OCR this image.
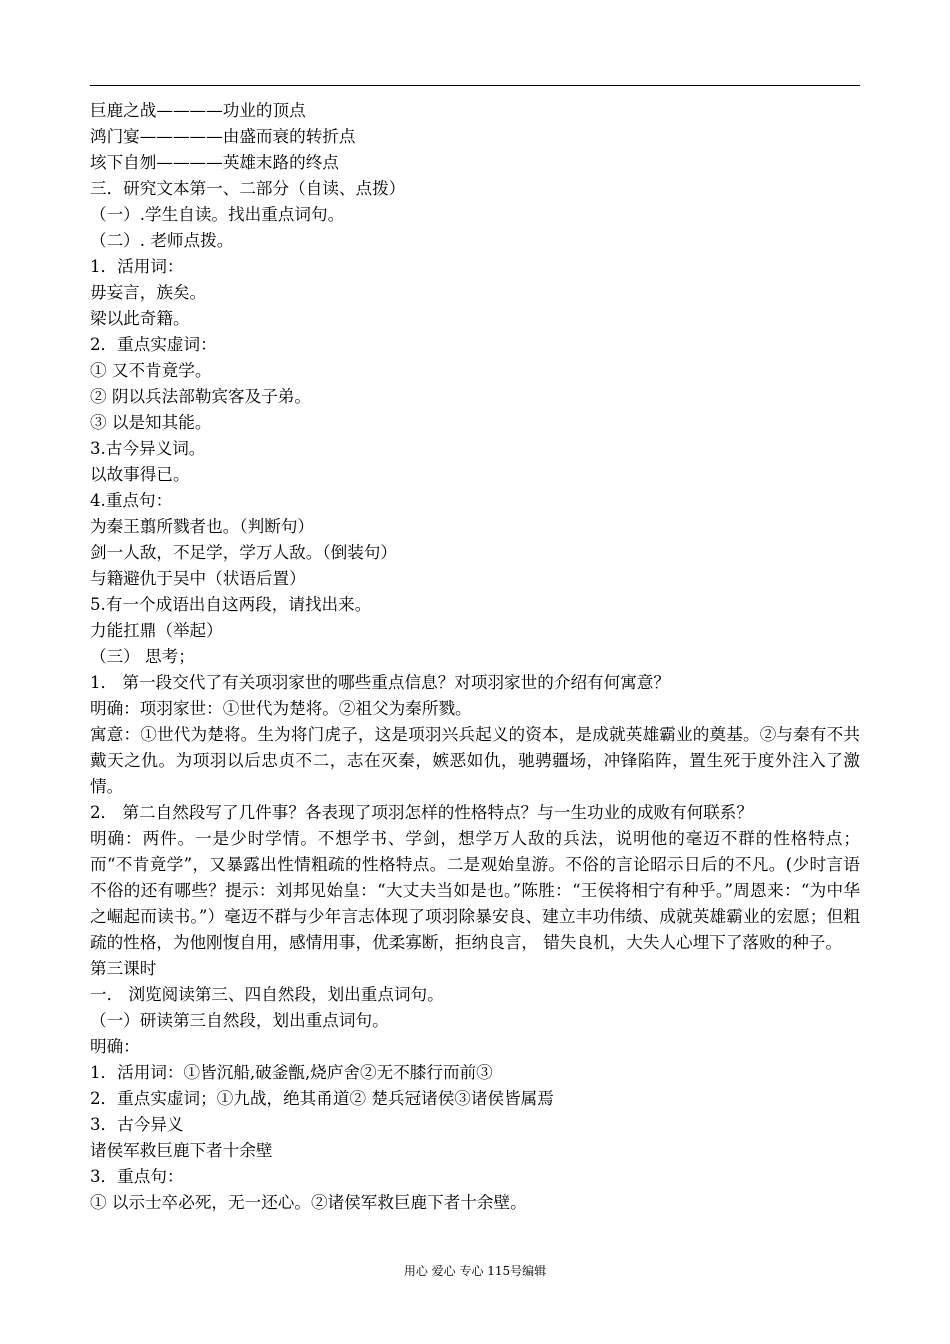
巨鹿之战————功业的顶点
鸿门宴—————由盛而衰的转折点
垓下自刎————英雄末路的终点
三．研究文本第一、二部分（自读、点拨）
（一）.学生自读。找出重点词句。
（二）. 老师点拨。
1．活用词：
毋妄言，族矣。
梁以此奇籍。
2．重点实虚词：
① 又不肯竟学。
② 阴以兵法部勒宾客及子弟。
③ 以是知其能。
3.古今异义词。
以故事得已。
4.重点句：
为秦王翦所戮者也。（判断句）
剑一人敌，不足学，学万人敌。（倒装句）
与籍避仇于吴中（状语后置）
5.有一个成语出自这两段，请找出来。
力能扛鼎（举起）
（三） 思考；
1． 第一段交代了有关项羽家世的哪些重点信息？对项羽家世的介绍有何寓意？
明确：项羽家世：①世代为楚将。②祖父为秦所戮。
寓意：①世代为楚将。生为将门虎子，这是项羽兴兵起义的资本，是成就英雄霸业的奠基。②与秦有不共戴天之仇。为项羽以后忠贞不二，志在灭秦，嫉恶如仇，驰骋疆场，冲锋陷阵，置生死于度外注入了激情。
2． 第二自然段写了几件事？各表现了项羽怎样的性格特点？与一生功业的成败有何联系？
明确：两件。一是少时学情。不想学书、学剑，想学万人敌的兵法，说明他的毫迈不群的性格特点；而“不肯竟学”，又暴露出性情粗疏的性格特点。二是观始皇游。不俗的言论昭示日后的不凡。(少时言语不俗的还有哪些？提示：刘邦见始皇：“大丈夫当如是也。”陈胜：“王侯将相宁有种乎。”周恩来：“为中华之崛起而读书。”）毫迈不群与少年言志体现了项羽除暴安良、建立丰功伟绩、成就英雄霸业的宏愿；但粗疏的性格，为他刚愎自用，感情用事，优柔寡断，拒纳良言， 错失良机，大失人心埋下了落败的种子。
第三课时
一． 浏览阅读第三、四自然段，划出重点词句。
（一）研读第三自然段，划出重点词句。
明确：
1．活用词：①皆沉船,破釜甑,烧庐舍②无不膝行而前③
2．重点实虚词；①九战，绝其甬道② 楚兵冠诸侯③诸侯皆属焉
3．古今异义
诸侯军救巨鹿下者十余壁
3．重点句：
① 以示士卒必死，无一还心。②诸侯军救巨鹿下者十余壁。
用心 爱心 专心 115号编辑
